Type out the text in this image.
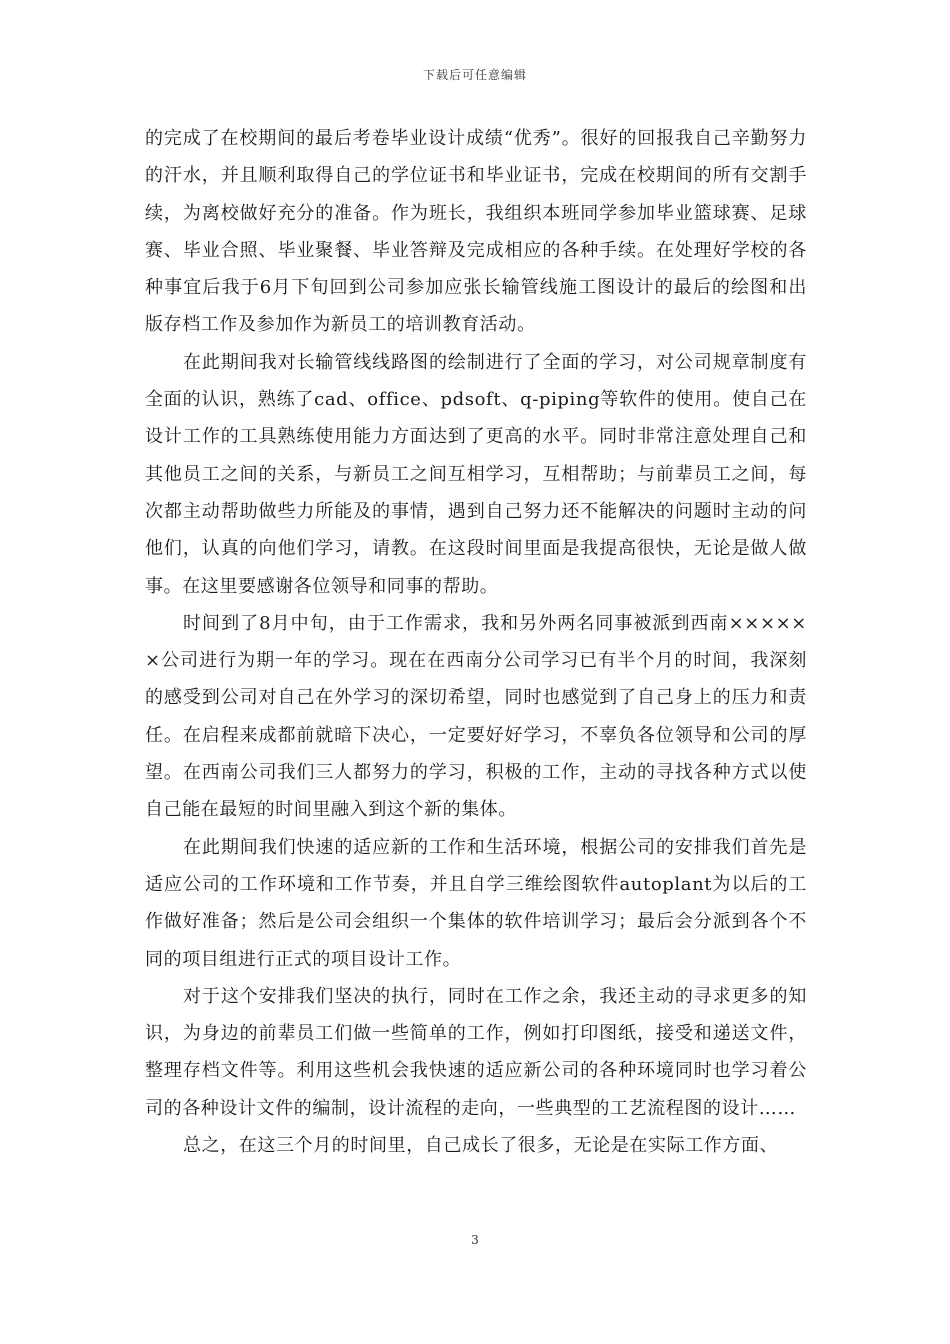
下载后可任意编辑

的完成了在校期间的最后考卷毕业设计成绩“优秀”。很好的回报我自己辛勤努力的汗水，并且顺利取得自己的学位证书和毕业证书，完成在校期间的所有交割手续，为离校做好充分的准备。作为班长，我组织本班同学参加毕业篮球赛、足球赛、毕业合照、毕业聚餐、毕业答辩及完成相应的各种手续。在处理好学校的各种事宜后我于6月下旬回到公司参加应张长输管线施工图设计的最后的绘图和出版存档工作及参加作为新员工的培训教育活动。

在此期间我对长输管线线路图的绘制进行了全面的学习，对公司规章制度有全面的认识，熟练了cad、office、pdsoft、q-piping等软件的使用。使自己在设计工作的工具熟练使用能力方面达到了更高的水平。同时非常注意处理自己和其他员工之间的关系，与新员工之间互相学习，互相帮助；与前辈员工之间，每次都主动帮助做些力所能及的事情，遇到自己努力还不能解决的问题时主动的问他们，认真的向他们学习，请教。在这段时间里面是我提高很快，无论是做人做事。在这里要感谢各位领导和同事的帮助。

时间到了8月中旬，由于工作需求，我和另外两名同事被派到西南××××××公司进行为期一年的学习。现在在西南分公司学习已有半个月的时间，我深刻的感受到公司对自己在外学习的深切希望，同时也感觉到了自己身上的压力和责任。在启程来成都前就暗下决心，一定要好好学习，不辜负各位领导和公司的厚望。在西南公司我们三人都努力的学习，积极的工作，主动的寻找各种方式以使自己能在最短的时间里融入到这个新的集体。

在此期间我们快速的适应新的工作和生活环境，根据公司的安排我们首先是适应公司的工作环境和工作节奏，并且自学三维绘图软件autoplant为以后的工作做好准备；然后是公司会组织一个集体的软件培训学习；最后会分派到各个不同的项目组进行正式的项目设计工作。

对于这个安排我们坚决的执行，同时在工作之余，我还主动的寻求更多的知识，为身边的前辈员工们做一些简单的工作，例如打印图纸，接受和递送文件，整理存档文件等。利用这些机会我快速的适应新公司的各种环境同时也学习着公司的各种设计文件的编制，设计流程的走向，一些典型的工艺流程图的设计……

总之，在这三个月的时间里，自己成长了很多，无论是在实际工作方面、

3
